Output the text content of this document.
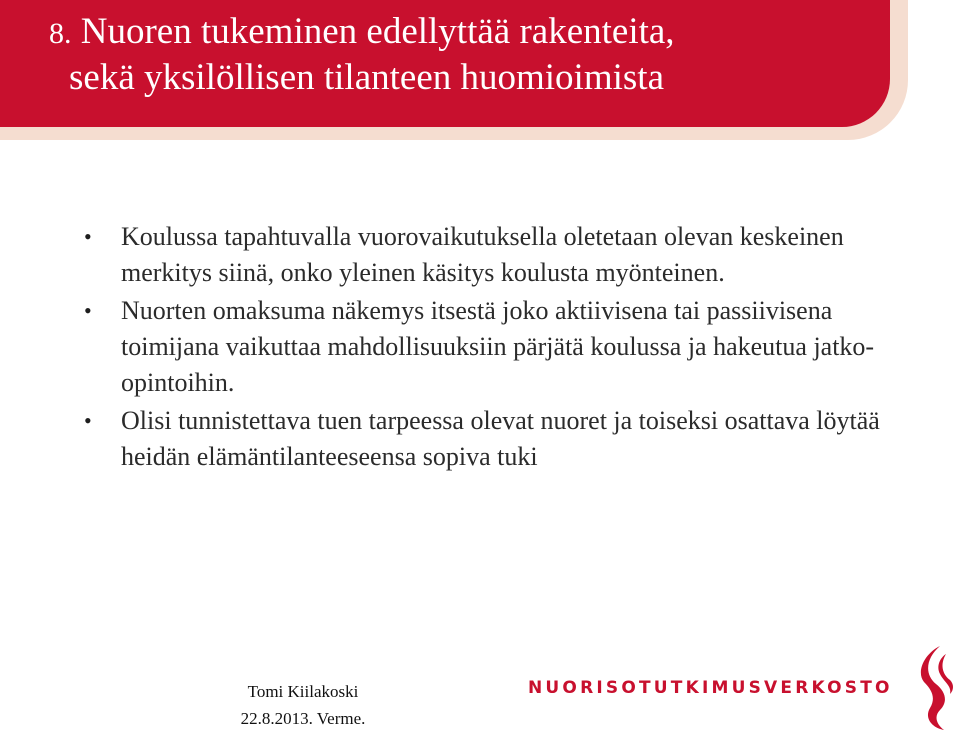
8. Nuoren tukeminen edellyttää rakenteita,
sekä yksilöllisen tilanteen huomioimista
• Koulussa tapahtuvalla vuorovaikutuksella oletetaan olevan keskeinen merkitys siinä, onko yleinen käsitys koulusta myönteinen.
• Nuorten omaksuma näkemys itsestä joko aktiivisena tai passiivisena toimijana vaikuttaa mahdollisuuksiin pärjätä koulussa ja hakeutua jatko-opintoihin.
• Olisi tunnistettava tuen tarpeessa olevat nuoret ja toiseksi osattava löytää heidän elämäntilanteeseensa sopiva tuki
Tomi Kiilakoski
22.8.2013. Verme.
NUORISOTUTKIMUSVERKOSTO
